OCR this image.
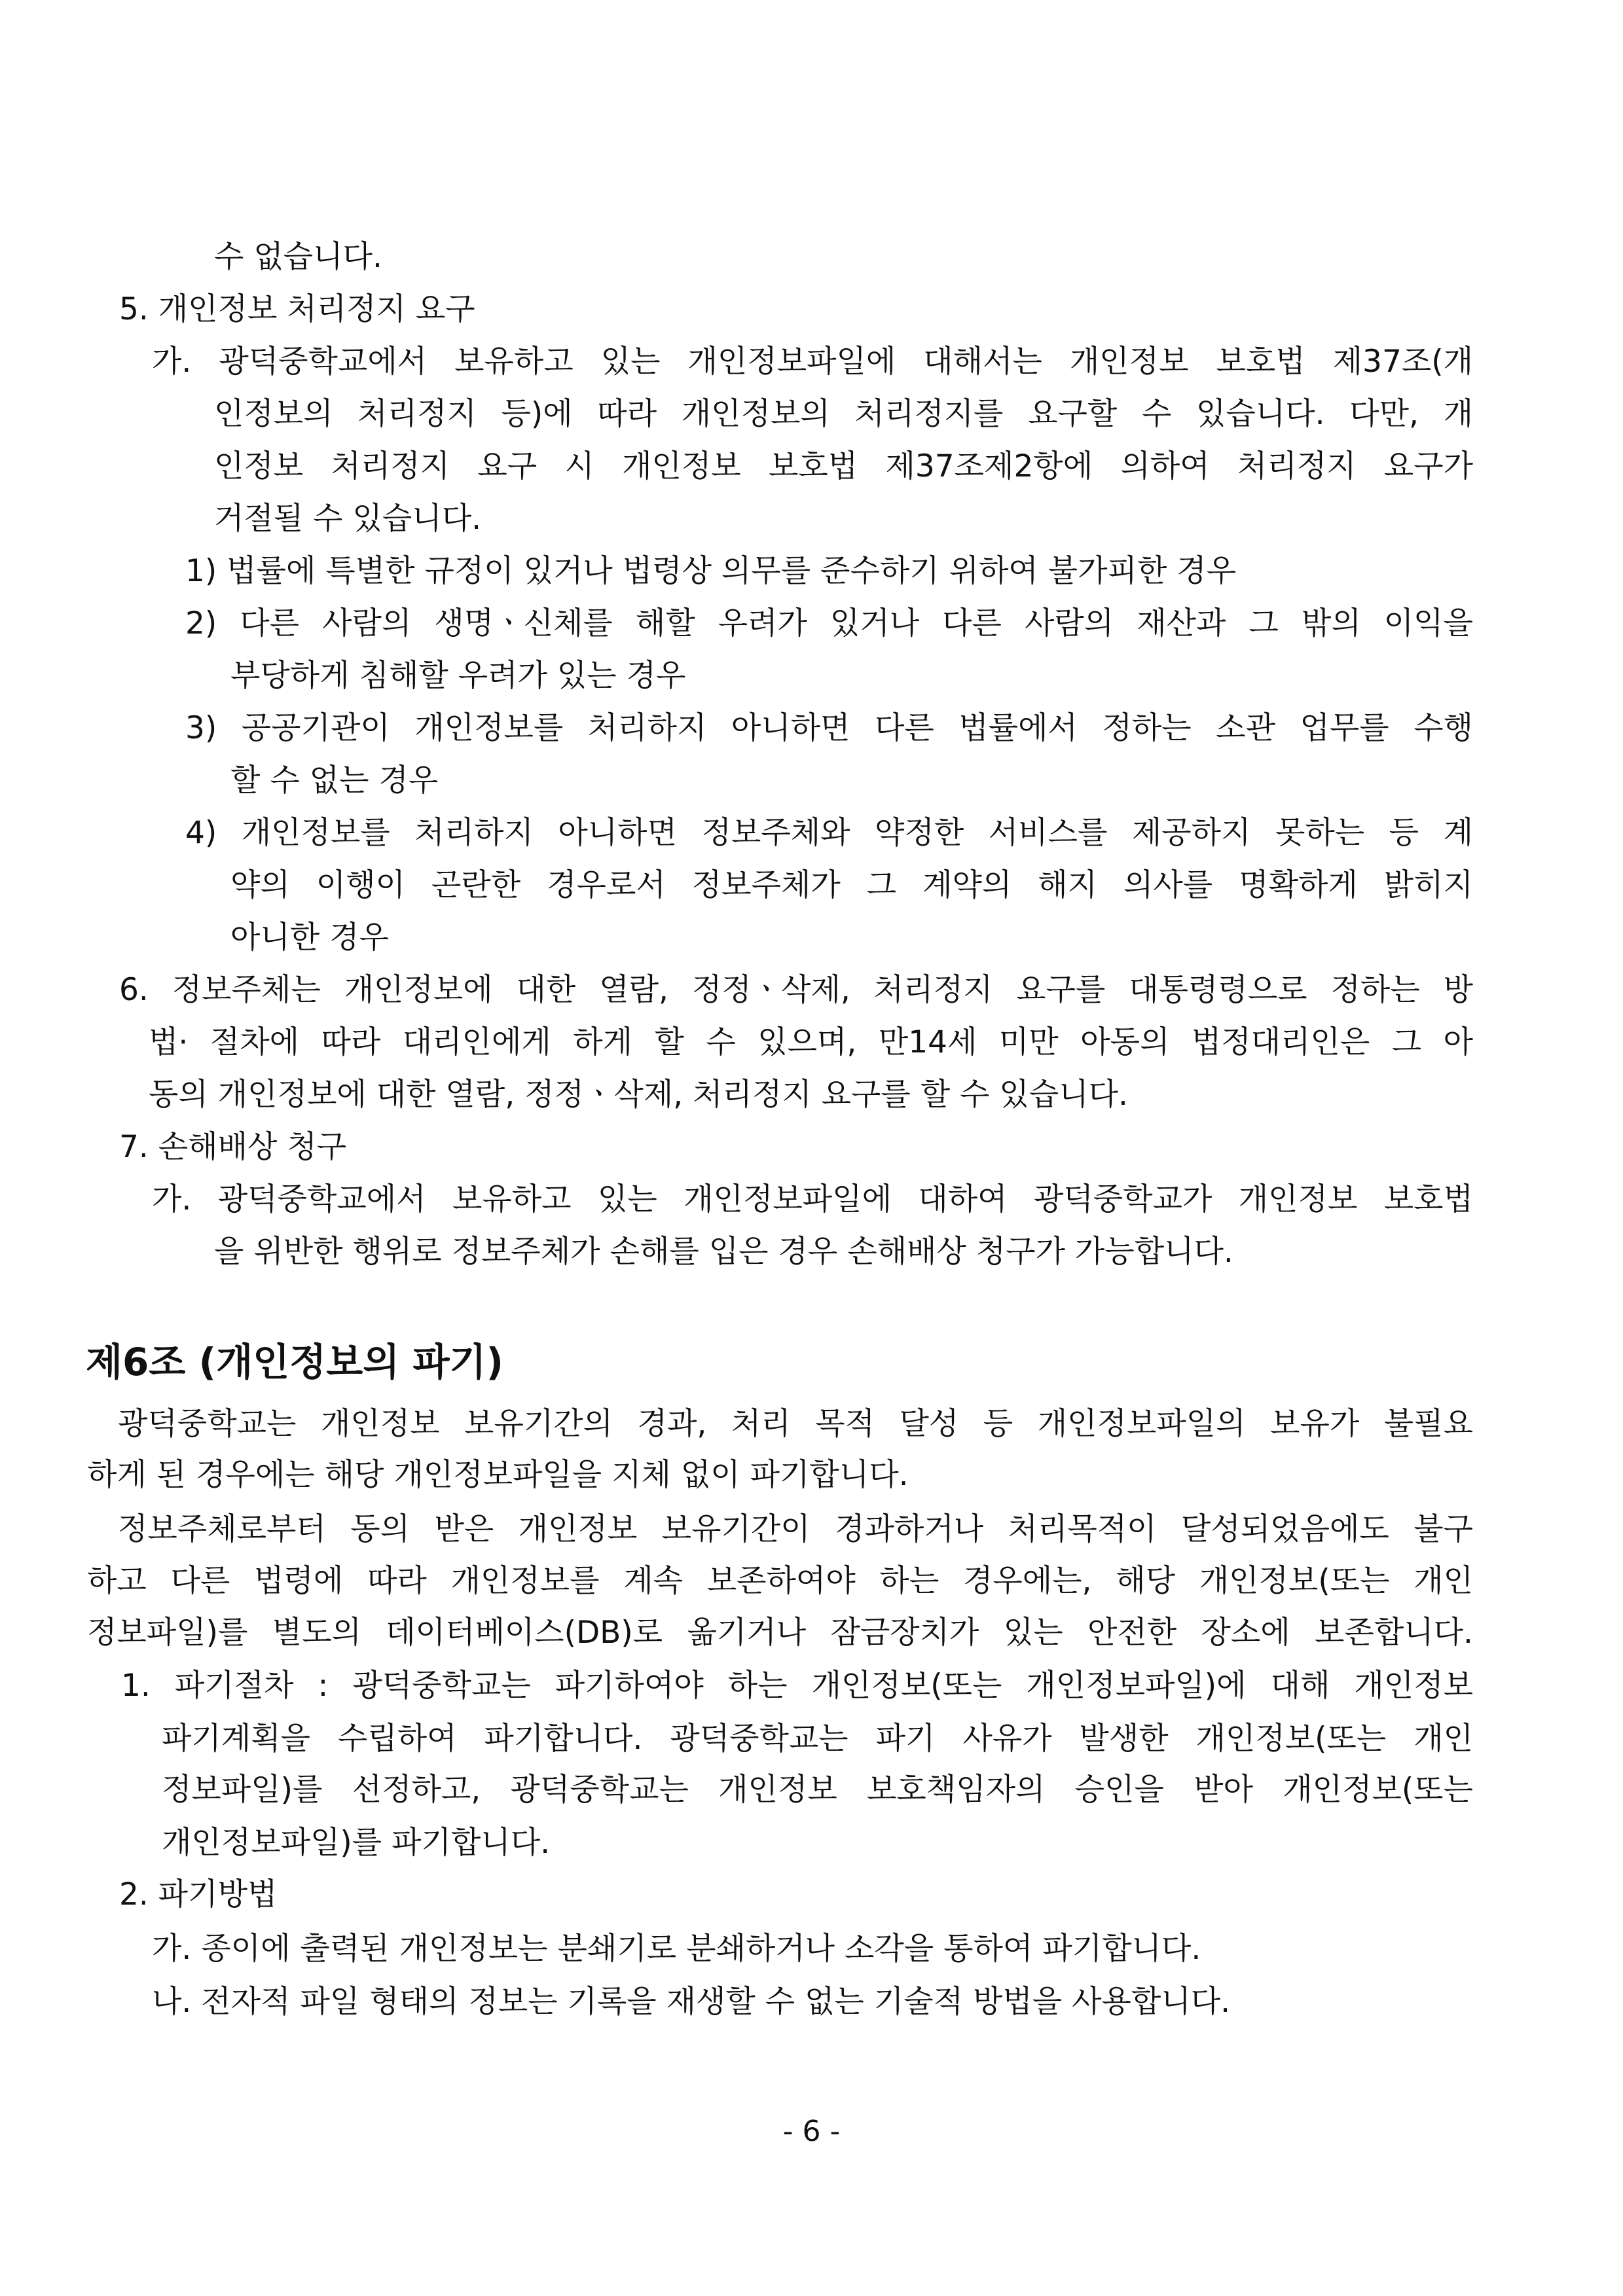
수 없습니다.
5. 개인정보 처리정지 요구
가. 광덕중학교에서 보유하고 있는 개인정보파일에 대해서는 개인정보 보호법 제37조(개
인정보의 처리정지 등)에 따라 개인정보의 처리정지를 요구할 수 있습니다. 다만, 개
인정보 처리정지 요구 시 개인정보 보호법 제37조제2항에 의하여 처리정지 요구가
거절될 수 있습니다.
1) 법률에 특별한 규정이 있거나 법령상 의무를 준수하기 위하여 불가피한 경우
2) 다른 사람의 생명ㆍ신체를 해할 우려가 있거나 다른 사람의 재산과 그 밖의 이익을
부당하게 침해할 우려가 있는 경우
3) 공공기관이 개인정보를 처리하지 아니하면 다른 법률에서 정하는 소관 업무를 수행
할 수 없는 경우
4) 개인정보를 처리하지 아니하면 정보주체와 약정한 서비스를 제공하지 못하는 등 계
약의 이행이 곤란한 경우로서 정보주체가 그 계약의 해지 의사를 명확하게 밝히지
아니한 경우
6. 정보주체는 개인정보에 대한 열람, 정정ㆍ삭제, 처리정지 요구를 대통령령으로 정하는 방
법· 절차에 따라 대리인에게 하게 할 수 있으며, 만14세 미만 아동의 법정대리인은 그 아
동의 개인정보에 대한 열람, 정정ㆍ삭제, 처리정지 요구를 할 수 있습니다.
7. 손해배상 청구
가. 광덕중학교에서 보유하고 있는 개인정보파일에 대하여 광덕중학교가 개인정보 보호법
을 위반한 행위로 정보주체가 손해를 입은 경우 손해배상 청구가 가능합니다.
제6조 (개인정보의 파기)
광덕중학교는 개인정보 보유기간의 경과, 처리 목적 달성 등 개인정보파일의 보유가 불필요
하게 된 경우에는 해당 개인정보파일을 지체 없이 파기합니다.
정보주체로부터 동의 받은 개인정보 보유기간이 경과하거나 처리목적이 달성되었음에도 불구
하고 다른 법령에 따라 개인정보를 계속 보존하여야 하는 경우에는, 해당 개인정보(또는 개인
정보파일)를 별도의 데이터베이스(DB)로 옮기거나 잠금장치가 있는 안전한 장소에 보존합니다.
1. 파기절차 : 광덕중학교는 파기하여야 하는 개인정보(또는 개인정보파일)에 대해 개인정보
파기계획을 수립하여 파기합니다. 광덕중학교는 파기 사유가 발생한 개인정보(또는 개인
정보파일)를 선정하고, 광덕중학교는 개인정보 보호책임자의 승인을 받아 개인정보(또는
개인정보파일)를 파기합니다.
2. 파기방법
가. 종이에 출력된 개인정보는 분쇄기로 분쇄하거나 소각을 통하여 파기합니다.
나. 전자적 파일 형태의 정보는 기록을 재생할 수 없는 기술적 방법을 사용합니다.
- 6 -
